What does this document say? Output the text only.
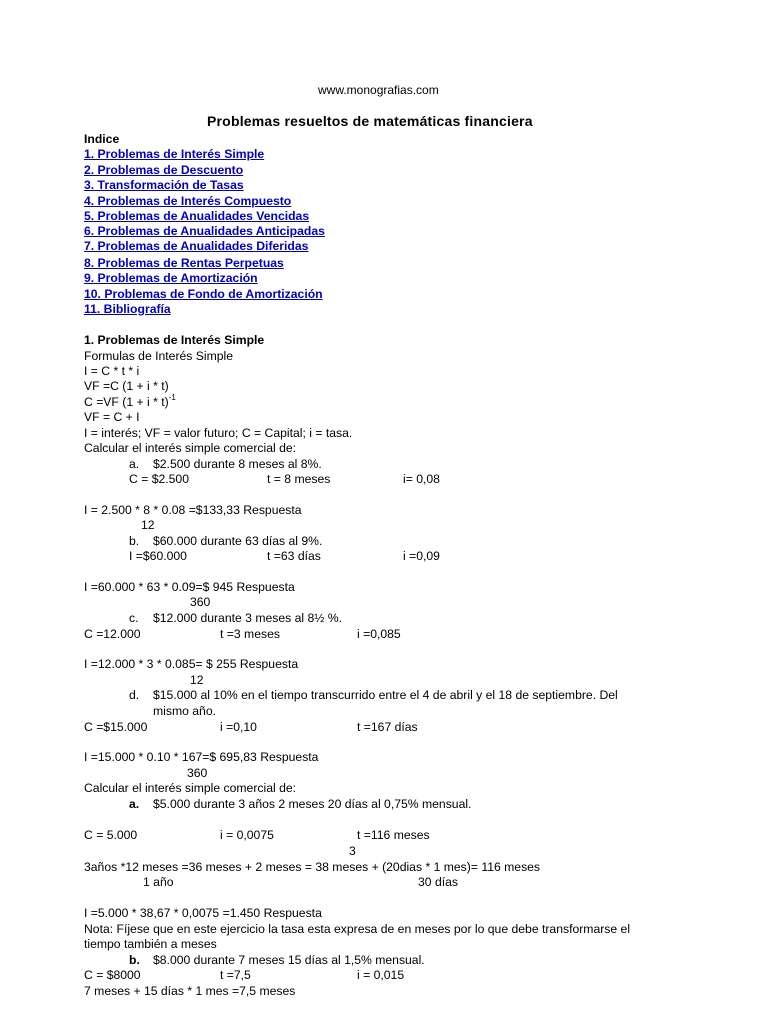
www.monografias.com
Problemas resueltos de matemáticas financiera
Indice
1. Problemas de Interés Simple
2. Problemas de Descuento
3. Transformación de Tasas
4. Problemas de Interés Compuesto
5. Problemas de Anualidades Vencidas
6. Problemas de Anualidades Anticipadas
7. Problemas de Anualidades Diferidas
8. Problemas de Rentas Perpetuas
9. Problemas de Amortización
10. Problemas de Fondo de Amortización
11. Bibliografía
1. Problemas de Interés Simple
Formulas de Interés Simple
I = C * t * i
VF =C (1 + i * t)
C =VF $(1 + i * t)^{-1}$
VF = C + I
I = interés; VF = valor futuro; C = Capital; i = tasa.
Calcular el interés simple comercial de:
a. $2.500 durante 8 meses al 8%.
C = $2.500	t = 8 meses	i= 0,08
I = 2.500 * 8 * 0.08 =$133,33 Respuesta
12
b. $60.000 durante 63 días al 9%.
I =$60.000	t =63 días	i =0,09
I =60.000 * 63 * 0.09=$ 945 Respuesta
360
c. $12.000 durante 3 meses al 8½ %.
C =12.000	t =3 meses	i =0,085
I =12.000 * 3 * 0.085= $ 255 Respuesta
12
d. $15.000 al 10% en el tiempo transcurrido entre el 4 de abril y el 18 de septiembre. Del
mismo año.
C =$15.000	i =0,10	t =167 días
I =15.000 * 0.10 * 167=$ 695,83 Respuesta
360
Calcular el interés simple comercial de:
a. $5.000 durante 3 años 2 meses 20 días al 0,75% mensual.
C = 5.000	i = 0,0075	t =116 meses
3
3años *12 meses =36 meses + 2 meses = 38 meses + (20dias * 1 mes)= 116 meses
1 año	30 días
I =5.000 * 38,67 * 0,0075 =1.450 Respuesta
Nota: Fíjese que en este ejercicio la tasa esta expresa de en meses por lo que debe transformarse el
tiempo también a meses
b. $8.000 durante 7 meses 15 días al 1,5% mensual.
C = $8000	t =7,5	i = 0,015
7 meses + 15 días * 1 mes =7,5 meses
